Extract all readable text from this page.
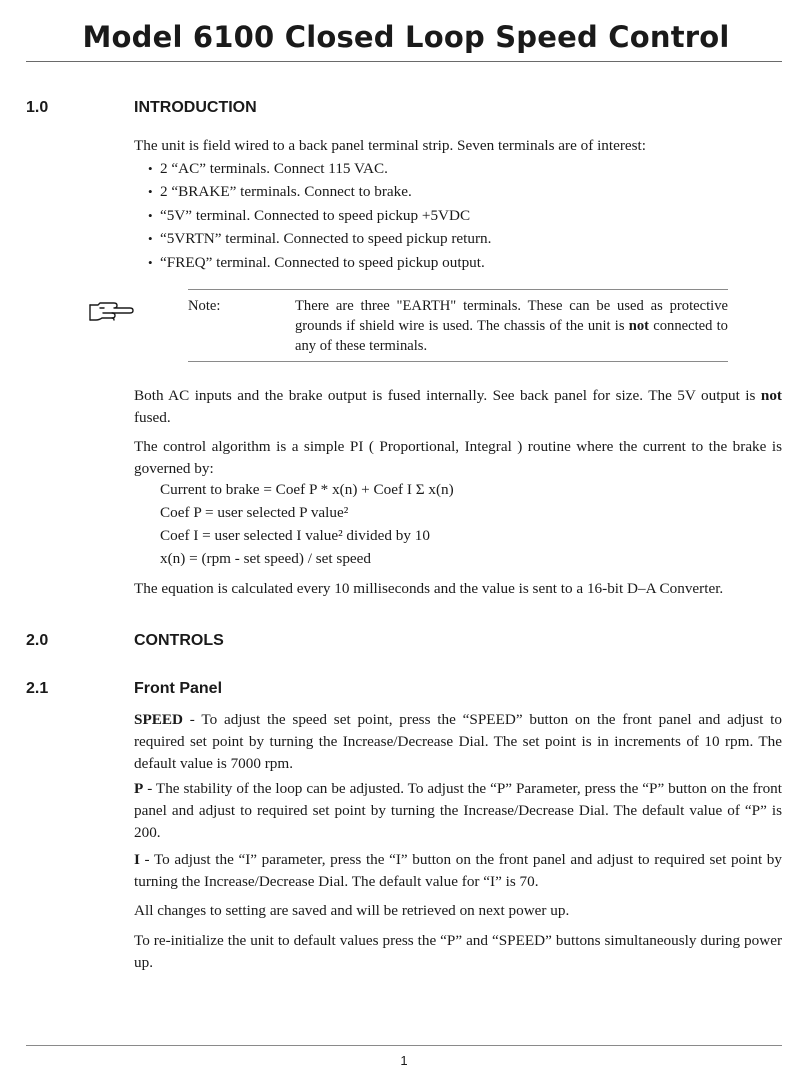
Model 6100 Closed Loop Speed Control
1.0	INTRODUCTION
The unit is field wired to a back panel terminal strip. Seven terminals are of interest:
• 2 “AC” terminals. Connect 115 VAC.
• 2 “BRAKE” terminals. Connect to brake.
• “5V” terminal. Connected to speed pickup +5VDC
• “5VRTN” terminal. Connected to speed pickup return.
• “FREQ” terminal. Connected to speed pickup output.
Note:	There are three "EARTH" terminals. These can be used as protective grounds if shield wire is used. The chassis of the unit is not connected to any of these terminals.
Both AC inputs and the brake output is fused internally. See back panel for size. The 5V output is not fused.
The control algorithm is a simple PI ( Proportional, Integral ) routine where the current to the brake is governed by:
Current to brake = Coef P * x(n) + Coef I Σ x(n)
Coef P = user selected P value²
Coef I = user selected I value² divided by 10
x(n) = (rpm - set speed) / set speed
The equation is calculated every 10 milliseconds and the value is sent to a 16-bit D–A Converter.
2.0	CONTROLS
2.1	Front Panel
SPEED - To adjust the speed set point, press the “SPEED” button on the front panel and adjust to required set point by turning the Increase/Decrease Dial. The set point is in increments of 10 rpm. The default value is 7000 rpm.
P - The stability of the loop can be adjusted. To adjust the “P” Parameter, press the “P” button on the front panel and adjust to required set point by turning the Increase/Decrease Dial. The default value of “P” is 200.
I - To adjust the “I” parameter, press the “I” button on the front panel and adjust to required set point by turning the Increase/Decrease Dial. The default value for “I” is 70.
All changes to setting are saved and will be retrieved on next power up.
To re-initialize the unit to default values press the “P” and “SPEED” buttons simultaneously during power up.
1
